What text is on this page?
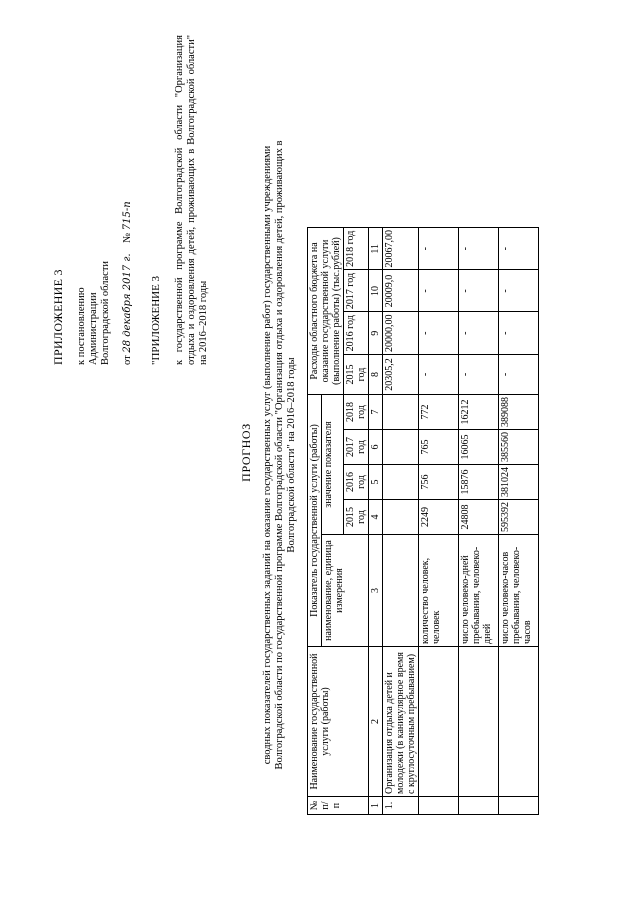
ПРИЛОЖЕНИЕ 3 к постановлению Администрации Волгоградской области от 28 декабря 2017 г.    № 715-п
"ПРИЛОЖЕНИЕ 3 к государственной программе Волгоградской области "Организация отдыха и оздоровления детей, проживающих в Волгоградской области" на 2016–2018 годы
ПРОГНОЗ сводных показателей государственных заданий на оказание государственных услуг (выполнение работ) государственными учреждениями Волгоградской области по государственной программе Волгоградской области "Организация отдыха и оздоровления детей, проживающих в Волгоградской области" на 2016–2018 годы
№ п/п	Наименование государственной услуги (работы)	Показатель государственной услуги (работы)					Расходы областного бюджета на оказание государственной услуги (выполнение работы) (тыс.рублей)			
		наименование, единица измерения	значение показателя							
			2015 год	2016 год	2017 год	2018 год	2015 год	2016 год	2017 год	2018 год
1	2	3	4	5	6	7	8	9	10	11
1.	Организация отдыха детей и молодежи (в каникулярное время с круглосуточным пребыванием)						20305,2	20000,00	20009,0	20067,00
		количество человек, человек	2249	756	765	772	-	-	-	-
		число человеко-дней пребывания, человеко-дней	24808	15876	16065	16212	-	-	-	-
		число человеко-часов пребывания, человеко-часов	595392	381024	385560	389088	-	-	-	-
